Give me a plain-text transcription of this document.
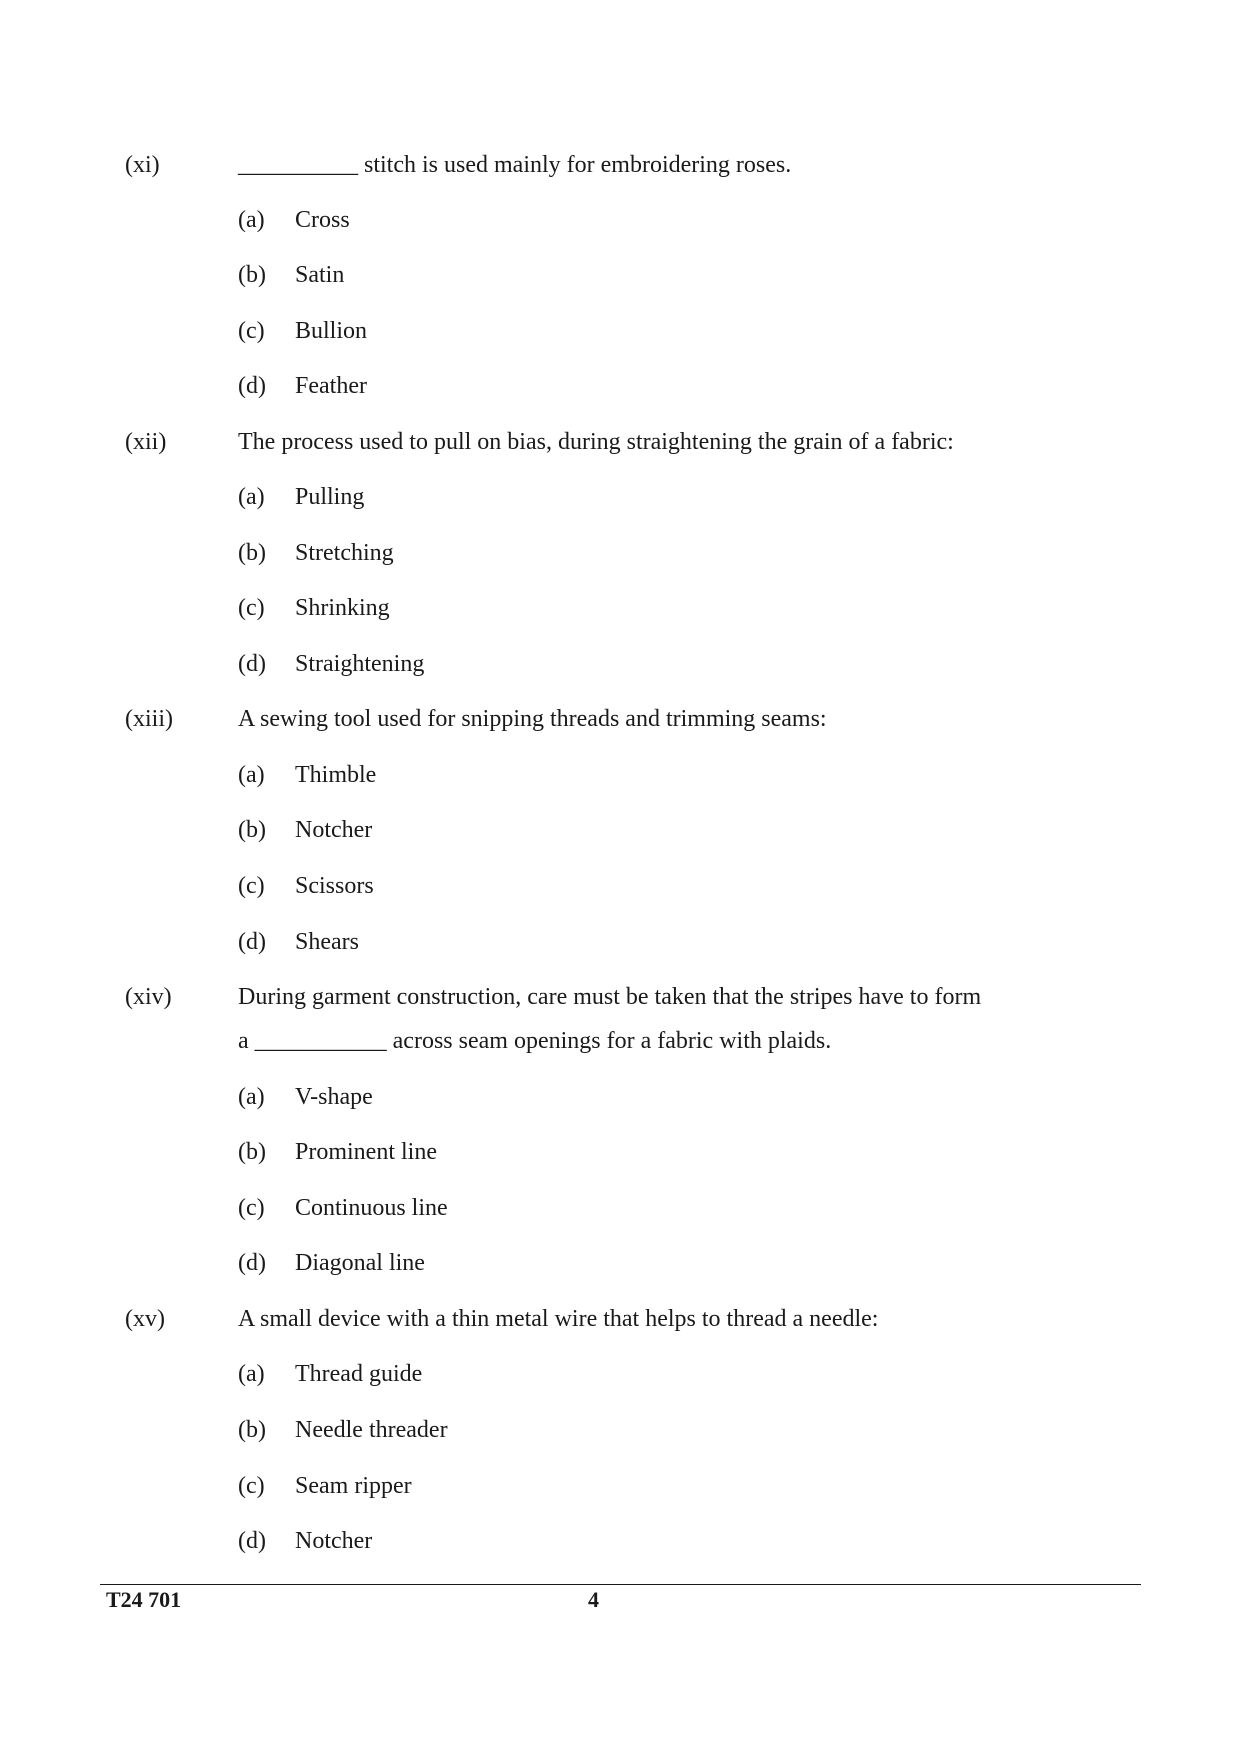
(xi)	__________ stitch is used mainly for embroidering roses.
(a) Cross
(b) Satin
(c) Bullion
(d) Feather
(xii)	The process used to pull on bias, during straightening the grain of a fabric:
(a) Pulling
(b) Stretching
(c) Shrinking
(d) Straightening
(xiii)	A sewing tool used for snipping threads and trimming seams:
(a) Thimble
(b) Notcher
(c) Scissors
(d) Shears
(xiv)	During garment construction, care must be taken that the stripes have to form
a ___________ across seam openings for a fabric with plaids.
(a) V-shape
(b) Prominent line
(c) Continuous line
(d) Diagonal line
(xv)	A small device with a thin metal wire that helps to thread a needle:
(a) Thread guide
(b) Needle threader
(c) Seam ripper
(d) Notcher
T24 701	4
